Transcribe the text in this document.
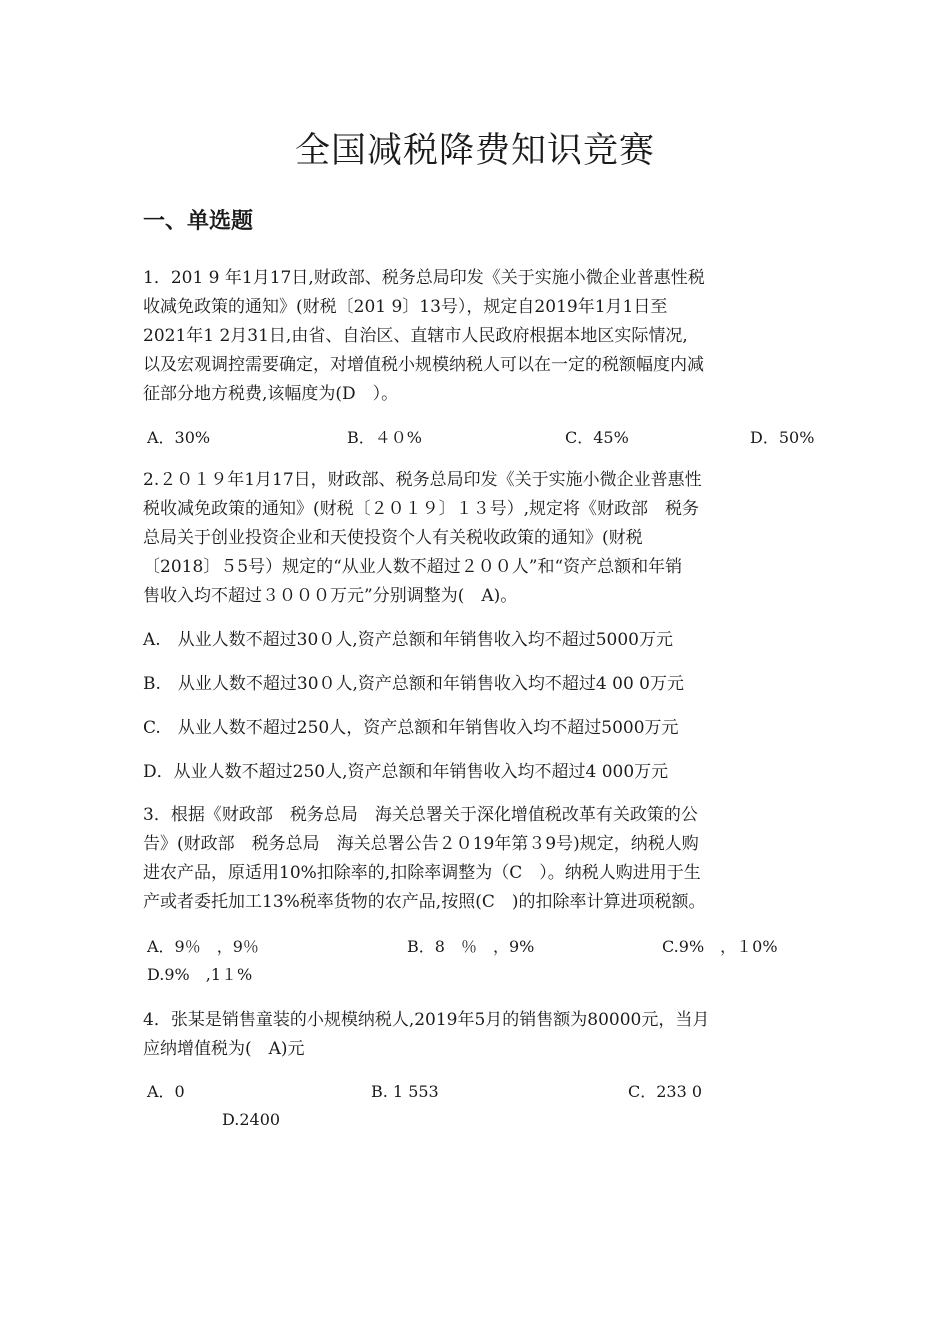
全国减税降费知识竞赛
一、单选题
1．201 9 年1月17日,财政部、税务总局印发《关于实施小微企业普惠性税
收减免政策的通知》(财税〔201 9〕13号），规定自2019年1月1日至
2021年1 2月31日,由省、自治区、直辖市人民政府根据本地区实际情况,
以及宏观调控需要确定，对增值税小规模纳税人可以在一定的税额幅度内减
征部分地方税费,该幅度为(D　）。
A．30%	B．４０%	C．45%	D．50%
2.２０１９年1月17日，财政部、税务总局印发《关于实施小微企业普惠性
税收减免政策的通知》(财税〔２０１９〕１３号）,规定将《财政部　税务
总局关于创业投资企业和天使投资个人有关税收政策的通知》(财税
〔2018〕５5号）规定的“从业人数不超过２００人”和“资产总额和年销
售收入均不超过３０００万元”分别调整为(　A)。
A.　从业人数不超过30０人,资产总额和年销售收入均不超过5000万元
B.　从业人数不超过30０人,资产总额和年销售收入均不超过4 00 0万元
C.　从业人数不超过250人，资产总额和年销售收入均不超过5000万元
D．从业人数不超过250人,资产总额和年销售收入均不超过4 000万元
3．根据《财政部　税务总局　海关总署关于深化增值税改革有关政策的公
告》(财政部　税务总局　海关总署公告２０19年第３9号)规定，纳税人购
进农产品，原适用10%扣除率的,扣除率调整为（C　）。纳税人购进用于生
产或者委托加工13%税率货物的农产品,按照(C　)的扣除率计算进项税额。
A．9％　，9％	B．8　％　，9%	C.9%　，１0%
D.9%　,1１%
4．张某是销售童装的小规模纳税人,2019年5月的销售额为80000元，当月
应纳增值税为(　A)元
A．0	B. 1 553	C．233 0
D.2400
